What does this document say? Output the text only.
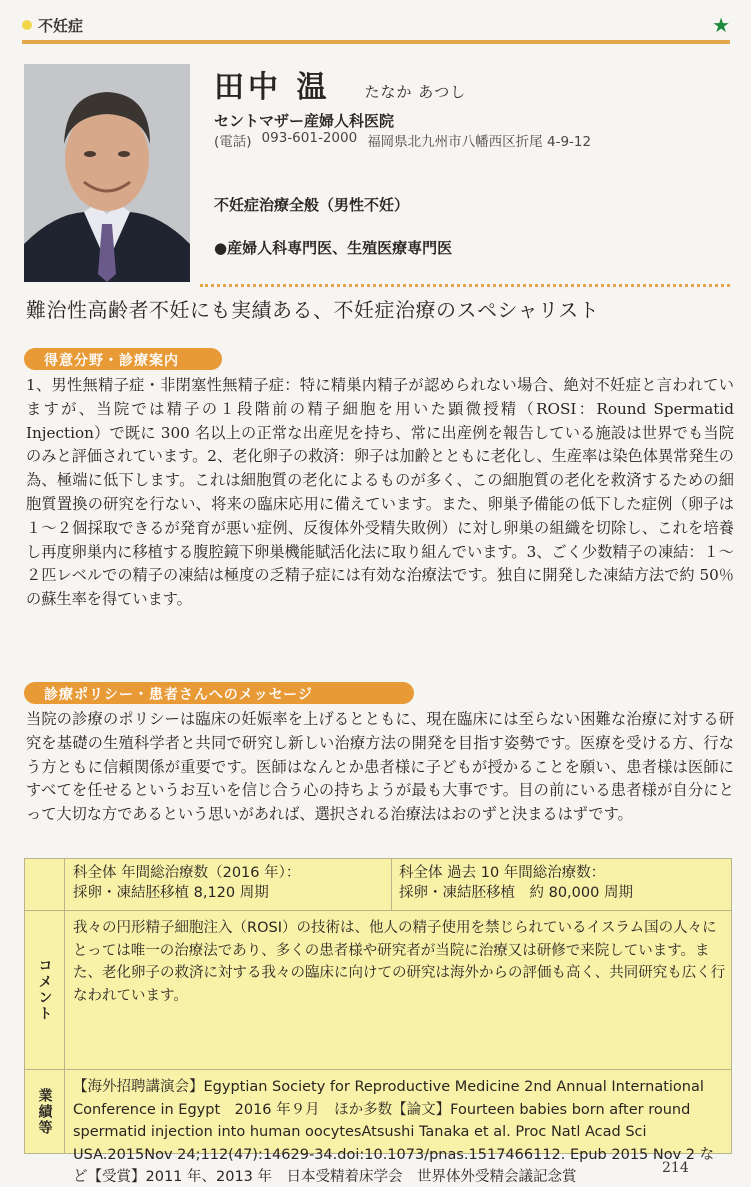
不妊症	★
田中 温 たなか あつし
セントマザー産婦人科医院
(電話) 093-601-2000 福岡県北九州市八幡西区折尾 4-9-12
不妊症治療全般（男性不妊）
●産婦人科専門医、生殖医療専門医
難治性高齢者不妊にも実績ある、不妊症治療のスペシャリスト
得意分野・診療案内
1、男性無精子症・非閉塞性無精子症：特に精巣内精子が認められない場合、絶対不妊症と言われていますが、当院では精子の１段階前の精子細胞を用いた顕微授精（ROSI：Round Spermatid Injection）で既に 300 名以上の正常な出産児を持ち、常に出産例を報告している施設は世界でも当院のみと評価されています。2、老化卵子の救済：卵子は加齢とともに老化し、生産率は染色体異常発生の為、極端に低下します。これは細胞質の老化によるものが多く、この細胞質の老化を救済するための細胞質置換の研究を行ない、将来の臨床応用に備えています。また、卵巣予備能の低下した症例（卵子は１～２個採取できるが発育が悪い症例、反復体外受精失敗例）に対し卵巣の組織を切除し、これを培養し再度卵巣内に移植する腹腔鏡下卵巣機能賦活化法に取り組んでいます。3、ごく少数精子の凍結：１～２匹レベルでの精子の凍結は極度の乏精子症には有効な治療法です。独自に開発した凍結方法で約 50％の蘇生率を得ています。
診療ポリシー・患者さんへのメッセージ
当院の診療のポリシーは臨床の妊娠率を上げるとともに、現在臨床には至らない困難な治療に対する研究を基礎の生殖科学者と共同で研究し新しい治療方法の開発を目指す姿勢です。医療を受ける方、行なう方ともに信頼関係が重要です。医師はなんとか患者様に子どもが授かることを願い、患者様は医師にすべてを任せるというお互いを信じ合う心の持ちようが最も大事です。目の前にいる患者様が自分にとって大切な方であるという思いがあれば、選択される治療法はおのずと決まるはずです。
科全体 年間総治療数（2016 年）：
採卵・凍結胚移植 8,120 周期
科全体 過去 10 年間総治療数：
採卵・凍結胚移植　約 80,000 周期
コメント
我々の円形精子細胞注入（ROSI）の技術は、他人の精子使用を禁じられているイスラム国の人々にとっては唯一の治療法であり、多くの患者様や研究者が当院に治療又は研修で来院しています。また、老化卵子の救済に対する我々の臨床に向けての研究は海外からの評価も高く、共同研究も広く行なわれています。
業績等
【海外招聘講演会】Egyptian Society for Reproductive Medicine 2nd Annual International Conference in Egypt　2016 年９月　ほか多数【論文】Fourteen babies born after round spermatid injection into human oocytesAtsushi Tanaka et al. Proc Natl Acad Sci USA.2015Nov 24;112(47):14629-34.doi:10.1073/pnas.1517466112. Epub 2015 Nov 2 など【受賞】2011 年、2013 年　日本受精着床学会　世界体外受精会議記念賞
214
